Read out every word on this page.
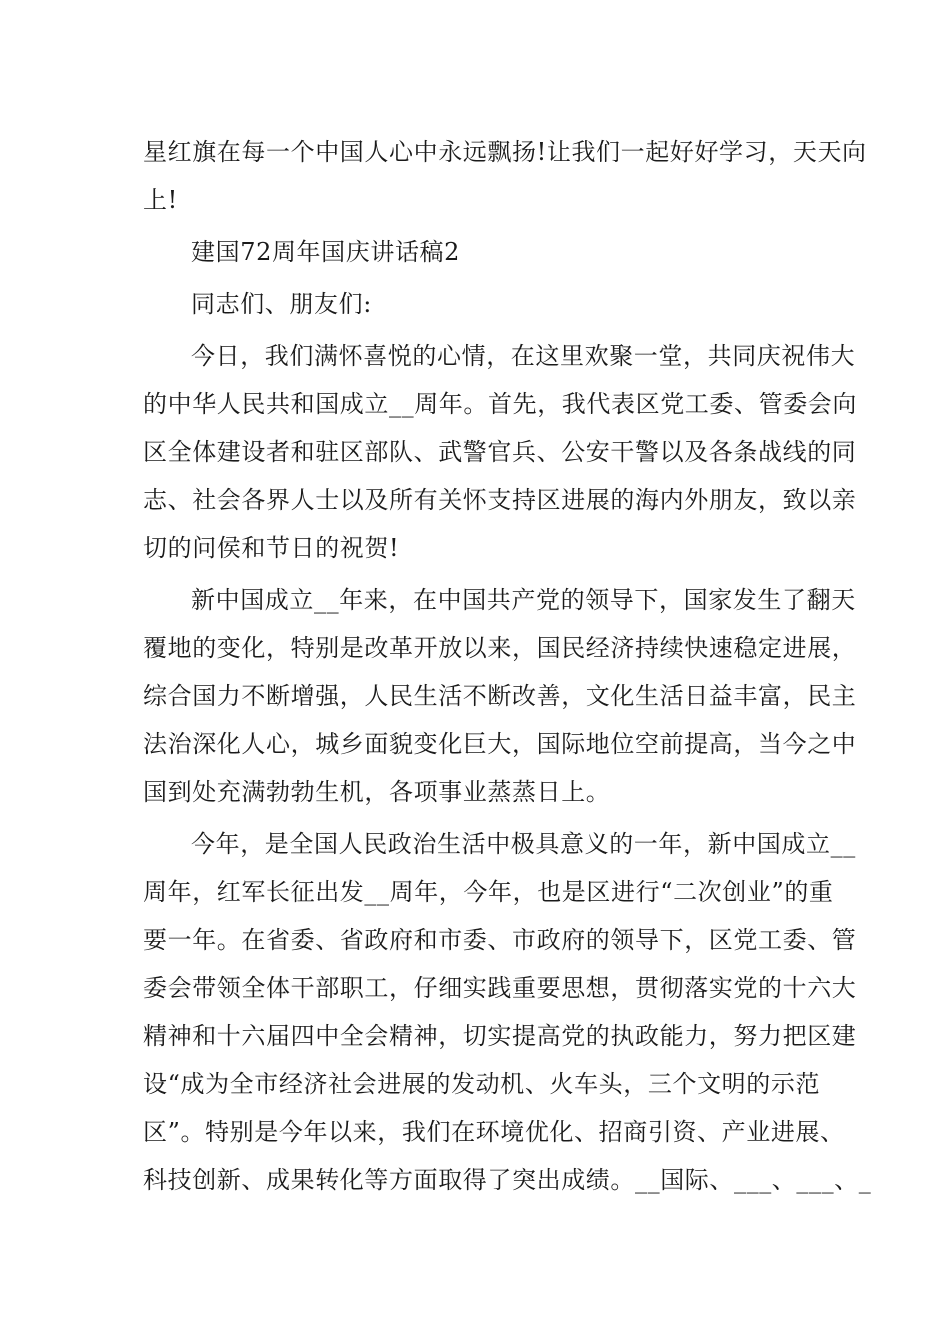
星红旗在每一个中国人心中永远飘扬!让我们一起好好学习，天天向
上!
建国72周年国庆讲话稿2
同志们、朋友们:
今日，我们满怀喜悦的心情，在这里欢聚一堂，共同庆祝伟大
的中华人民共和国成立__周年。首先，我代表区党工委、管委会向
区全体建设者和驻区部队、武警官兵、公安干警以及各条战线的同
志、社会各界人士以及所有关怀支持区进展的海内外朋友，致以亲
切的问侯和节日的祝贺!
新中国成立__年来，在中国共产党的领导下，国家发生了翻天
覆地的变化，特别是改革开放以来，国民经济持续快速稳定进展，
综合国力不断增强，人民生活不断改善，文化生活日益丰富，民主
法治深化人心，城乡面貌变化巨大，国际地位空前提高，当今之中
国到处充满勃勃生机，各项事业蒸蒸日上。
今年，是全国人民政治生活中极具意义的一年，新中国成立__
周年，红军长征出发__周年，今年，也是区进行“二次创业”的重
要一年。在省委、省政府和市委、市政府的领导下，区党工委、管
委会带领全体干部职工，仔细实践重要思想，贯彻落实党的十六大
精神和十六届四中全会精神，切实提高党的执政能力，努力把区建
设“成为全市经济社会进展的发动机、火车头，三个文明的示范
区”。特别是今年以来，我们在环境优化、招商引资、产业进展、
科技创新、成果转化等方面取得了突出成绩。__国际、___、___、_
